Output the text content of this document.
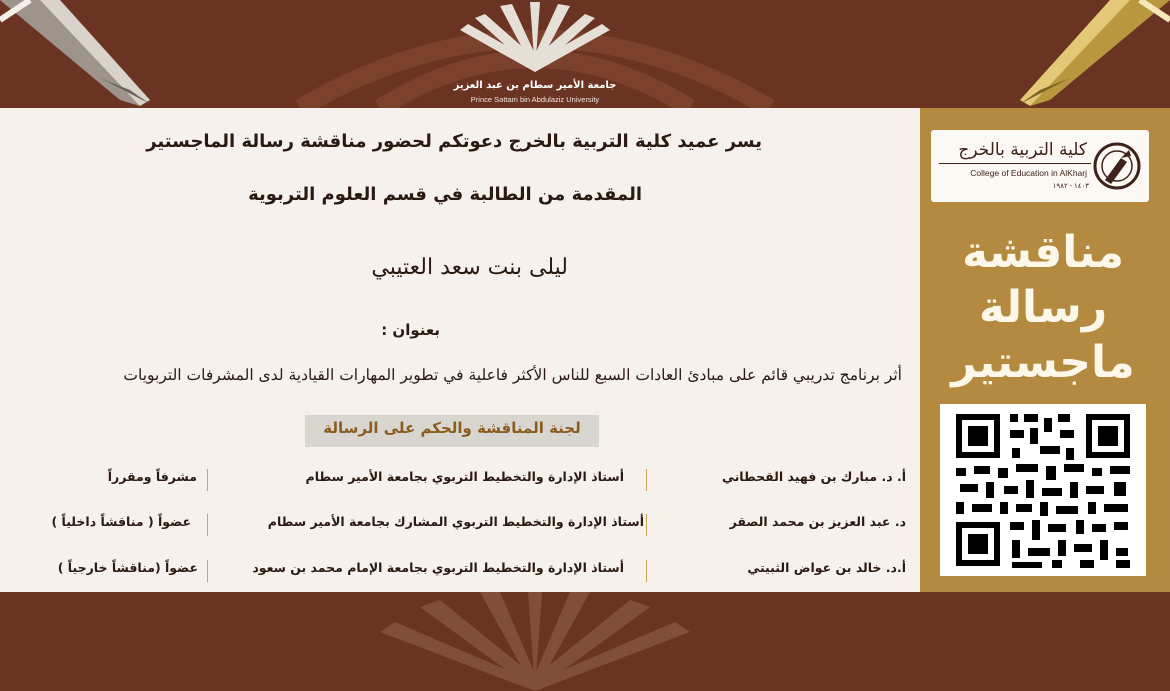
جامعة الأمير سطام بن عبد العزيز
Prince Sattam bin Abdulaziz University
يسر عميد كلية التربية بالخرج دعوتكم لحضور مناقشة رسالة الماجستير
المقدمة من الطالبة في قسم العلوم التربوية
ليلى بنت سعد العتيبي
بعنوان :
أثر برنامج تدريبي قائم على مبادئ العادات السبع للناس الأكثر فاعلية في تطوير المهارات القيادية لدى المشرفات التربويات
لجنة المناقشة والحكم على الرسالة
أ. د. مبارك بن فهيد القحطاني
أستاذ الإدارة والتخطيط التربوي بجامعة الأمير سطام
مشرفاً ومقرراً
د. عبد العزيز بن محمد الصقر
أستاذ الإدارة والتخطيط التربوي المشارك بجامعة الأمير سطام
عضواً ( مناقشاً داخلياً )
أ.د. خالد بن عواض الثبيتي
أستاذ الإدارة والتخطيط التربوي بجامعة الإمام محمد بن سعود
عضواً (مناقشاً خارجياً )
كلية التربية بالخرج
College of Education in AlKharj
١٤٠٣ - ١٩٨٢
مناقشة
رسالة
ماجستير
